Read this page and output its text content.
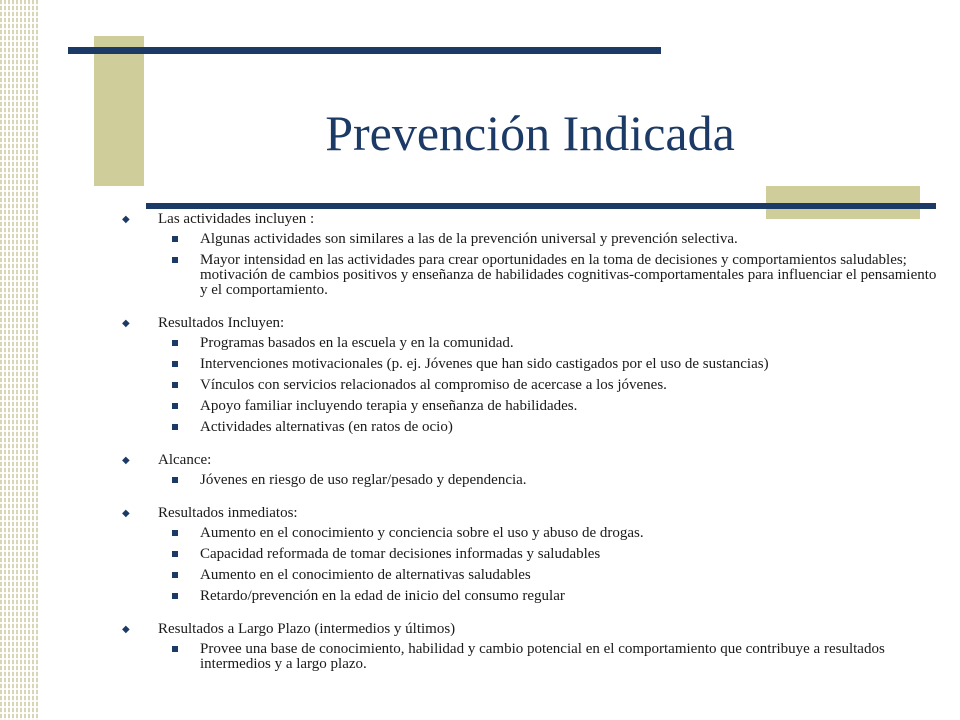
Prevención Indicada
◆ Las actividades incluyen :
Algunas actividades son similares a las de la prevención universal y prevención selectiva.
Mayor intensidad en las actividades para crear oportunidades en la toma de decisiones y comportamientos saludables; motivación de cambios positivos y enseñanza de habilidades cognitivas-comportamentales para influenciar el pensamiento y el comportamiento.
◆ Resultados Incluyen:
Programas basados en la escuela y en la comunidad.
Intervenciones motivacionales (p. ej. Jóvenes que han sido castigados por el uso de sustancias)
Vínculos con servicios relacionados al compromiso de acercase a los jóvenes.
Apoyo familiar incluyendo terapia y enseñanza de habilidades.
Actividades alternativas (en ratos de ocio)
◆ Alcance:
Jóvenes en riesgo de uso reglar/pesado y dependencia.
◆ Resultados inmediatos:
Aumento en el conocimiento y conciencia sobre el uso y abuso de drogas.
Capacidad reformada de tomar decisiones informadas y saludables
Aumento en el conocimiento de alternativas saludables
Retardo/prevención en la edad de inicio del consumo regular
◆ Resultados a Largo Plazo (intermedios y últimos)
Provee una base de conocimiento, habilidad y cambio potencial en el comportamiento que contribuye a resultados intermedios y a largo plazo.
